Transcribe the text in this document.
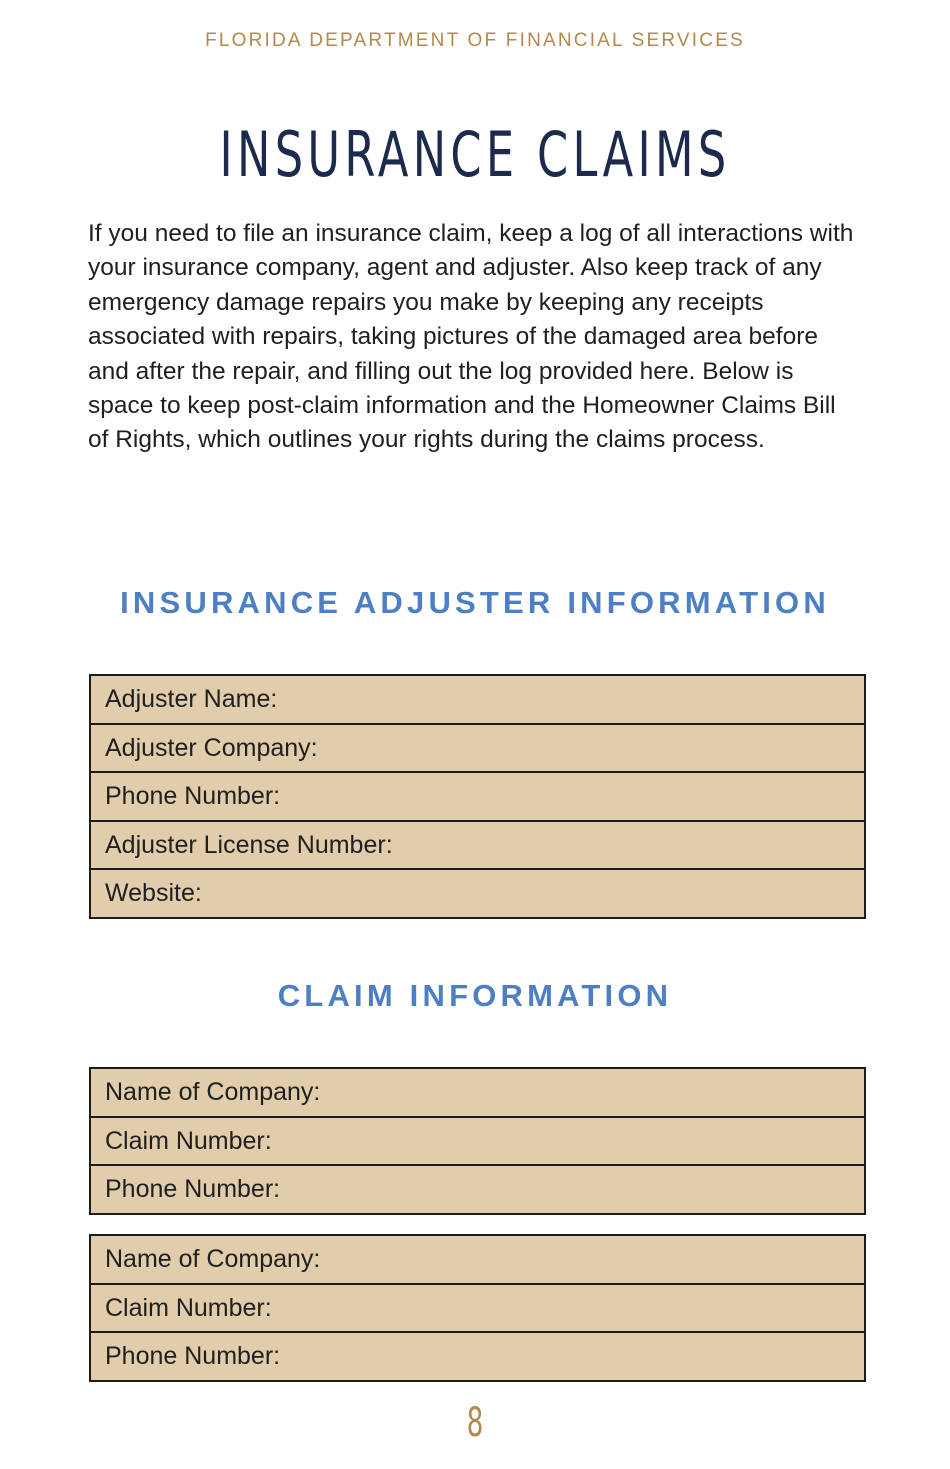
FLORIDA DEPARTMENT OF FINANCIAL SERVICES
INSURANCE CLAIMS

If you need to file an insurance claim, keep a log of all interactions with your insurance company, agent and adjuster. Also keep track of any emergency damage repairs you make by keeping any receipts associated with repairs, taking pictures of the damaged area before and after the repair, and filling out the log provided here. Below is space to keep post-claim information and the Homeowner Claims Bill of Rights, which outlines your rights during the claims process.

INSURANCE ADJUSTER INFORMATION
Adjuster Name:
Adjuster Company:
Phone Number:
Adjuster License Number:
Website:
CLAIM INFORMATION
Name of Company:
Claim Number:
Phone Number:
Name of Company:
Claim Number:
Phone Number:
8
